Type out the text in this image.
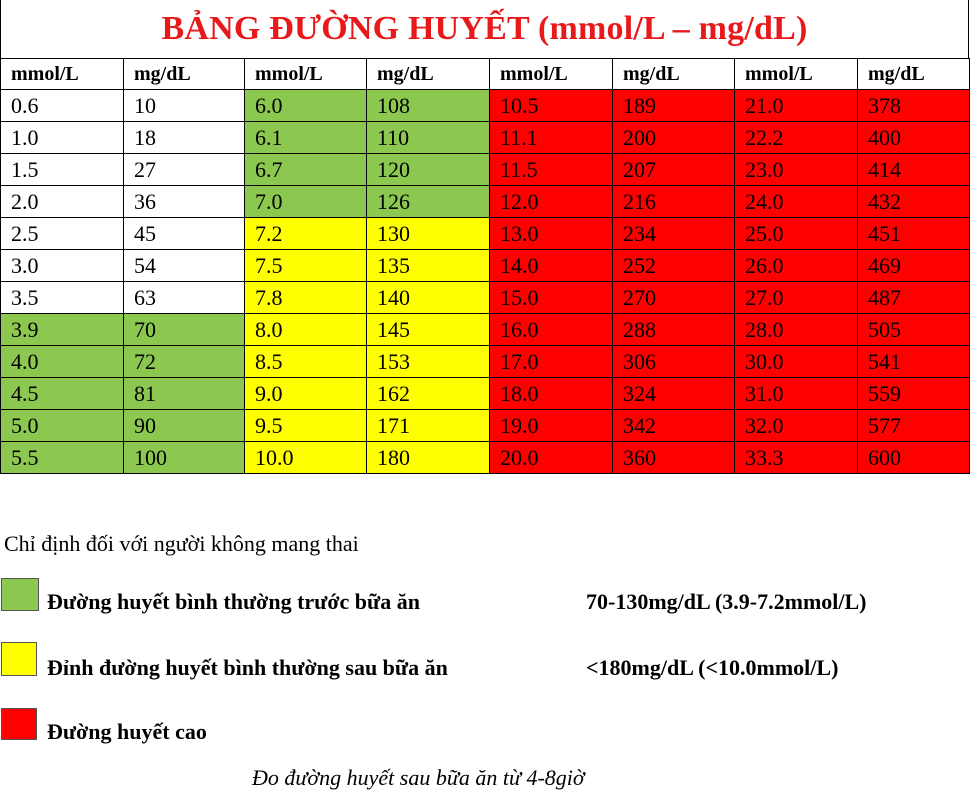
BẢNG ĐƯỜNG HUYẾT (mmol/L – mg/dL)
mmol/L	mg/dL	mmol/L	mg/dL	mmol/L	mg/dL	mmol/L	mg/dL
0.6	10	6.0	108	10.5	189	21.0	378
1.0	18	6.1	110	11.1	200	22.2	400
1.5	27	6.7	120	11.5	207	23.0	414
2.0	36	7.0	126	12.0	216	24.0	432
2.5	45	7.2	130	13.0	234	25.0	451
3.0	54	7.5	135	14.0	252	26.0	469
3.5	63	7.8	140	15.0	270	27.0	487
3.9	70	8.0	145	16.0	288	28.0	505
4.0	72	8.5	153	17.0	306	30.0	541
4.5	81	9.0	162	18.0	324	31.0	559
5.0	90	9.5	171	19.0	342	32.0	577
5.5	100	10.0	180	20.0	360	33.3	600
Chỉ định đối với người không mang thai
Đường huyết bình thường trước bữa ăn	70-130mg/dL (3.9-7.2mmol/L)
Đỉnh đường huyết bình thường sau bữa ăn	<180mg/dL (<10.0mmol/L)
Đường huyết cao
Đo đường huyết sau bữa ăn từ 4-8giờ
